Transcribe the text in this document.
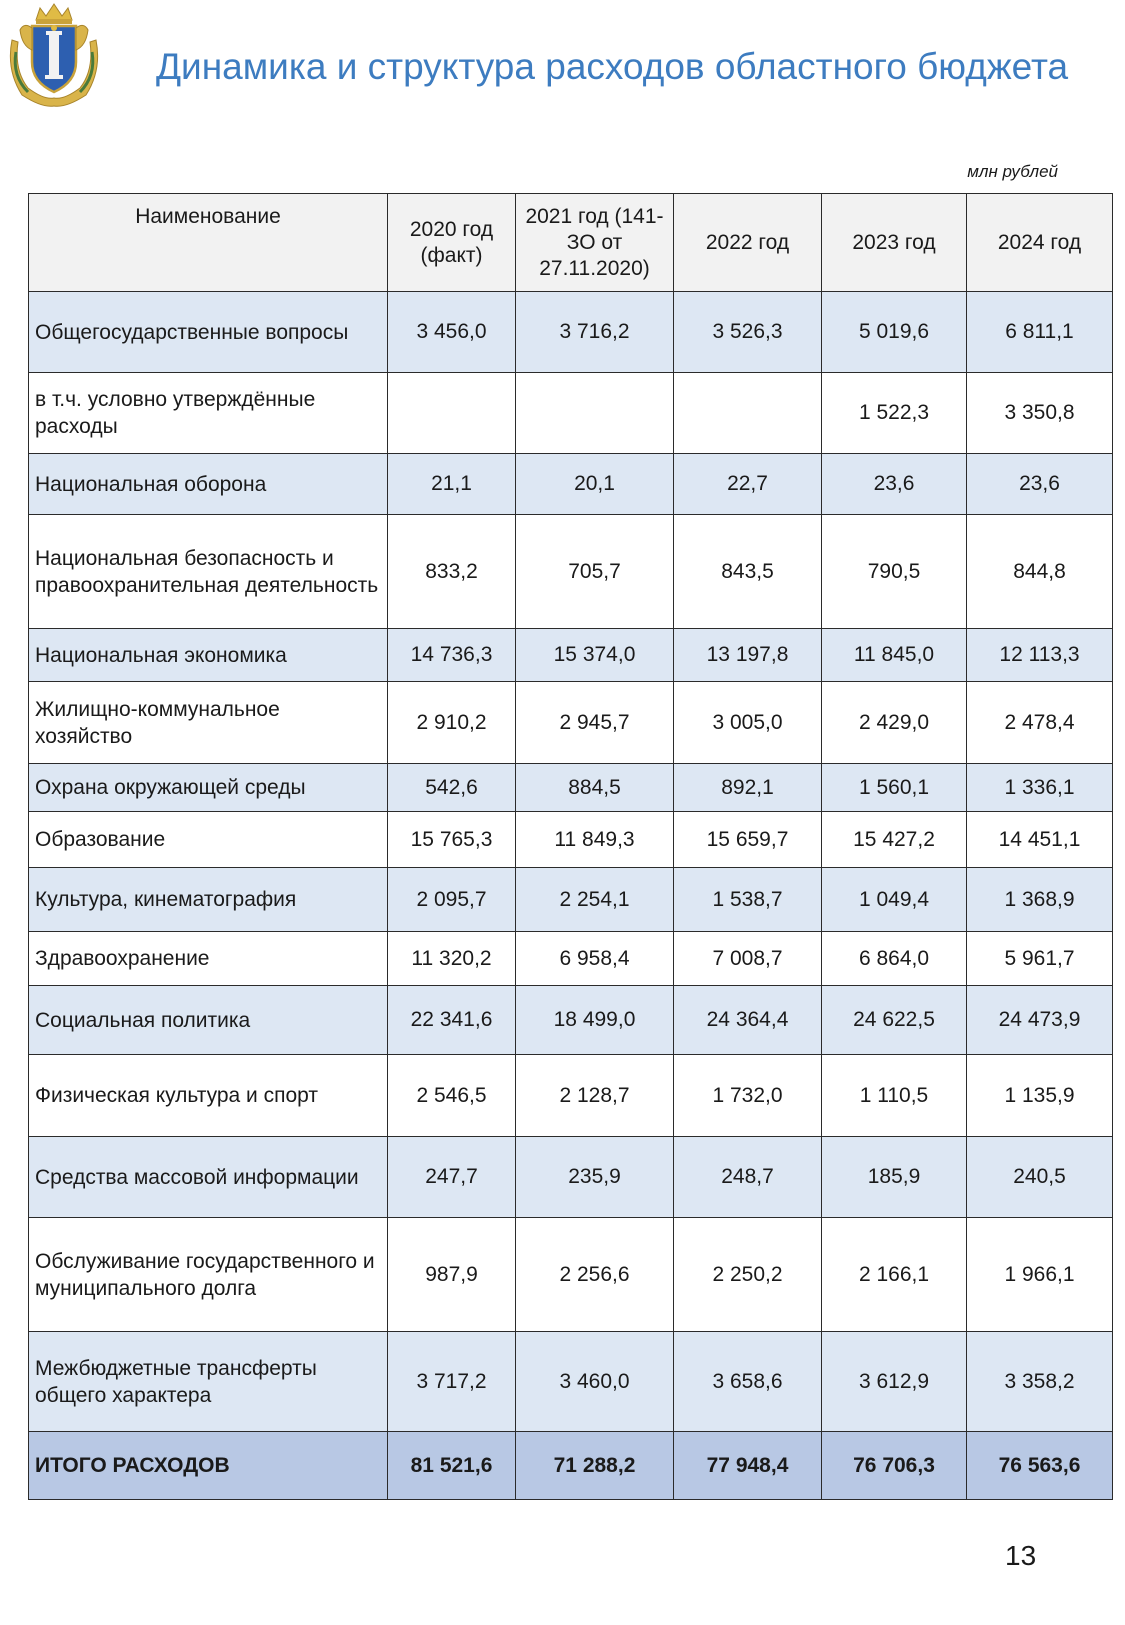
Динамика и структура расходов областного бюджета
млн рублей
Наименование	2020 год (факт)	2021 год (141-ЗО от 27.11.2020)	2022 год	2023 год	2024 год
Общегосударственные вопросы	3 456,0	3 716,2	3 526,3	5 019,6	6 811,1
в т.ч. условно утверждённые расходы				1 522,3	3 350,8
Национальная оборона	21,1	20,1	22,7	23,6	23,6
Национальная безопасность и правоохранительная деятельность	833,2	705,7	843,5	790,5	844,8
Национальная экономика	14 736,3	15 374,0	13 197,8	11 845,0	12 113,3
Жилищно-коммунальное хозяйство	2 910,2	2 945,7	3 005,0	2 429,0	2 478,4
Охрана окружающей среды	542,6	884,5	892,1	1 560,1	1 336,1
Образование	15 765,3	11 849,3	15 659,7	15 427,2	14 451,1
Культура, кинематография	2 095,7	2 254,1	1 538,7	1 049,4	1 368,9
Здравоохранение	11 320,2	6 958,4	7 008,7	6 864,0	5 961,7
Социальная политика	22 341,6	18 499,0	24 364,4	24 622,5	24 473,9
Физическая культура и спорт	2 546,5	2 128,7	1 732,0	1 110,5	1 135,9
Средства массовой информации	247,7	235,9	248,7	185,9	240,5
Обслуживание государственного и муниципального долга	987,9	2 256,6	2 250,2	2 166,1	1 966,1
Межбюджетные трансферты общего характера	3 717,2	3 460,0	3 658,6	3 612,9	3 358,2
ИТОГО РАСХОДОВ	81 521,6	71 288,2	77 948,4	76 706,3	76 563,6
13
